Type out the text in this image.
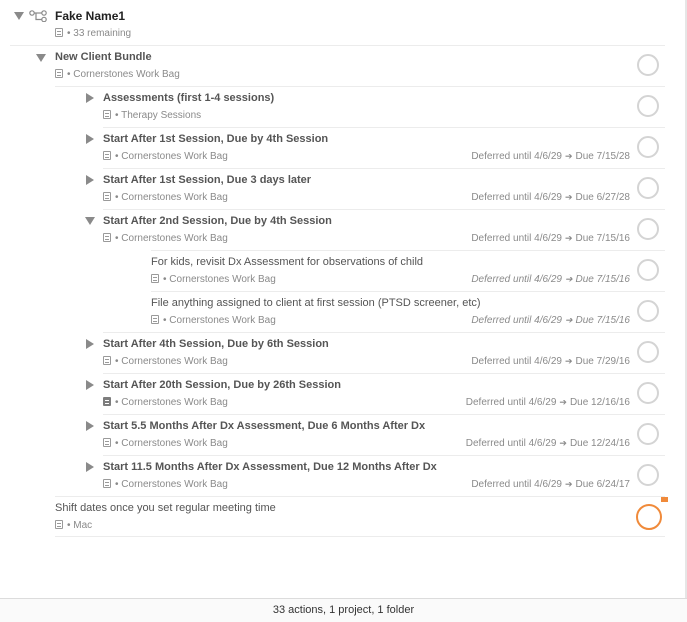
Fake Name1
• 33 remaining
New Client Bundle
• Cornerstones Work Bag
Assessments (first 1-4 sessions)
• Therapy Sessions
Start After 1st Session, Due by 4th Session
• Cornerstones Work Bag	Deferred until 4/6/29 ➔ Due 7/15/28
Start After 1st Session, Due 3 days later
• Cornerstones Work Bag	Deferred until 4/6/29 ➔ Due 6/27/28
Start After 2nd Session, Due by 4th Session
• Cornerstones Work Bag	Deferred until 4/6/29 ➔ Due 7/15/16
For kids, revisit Dx Assessment for observations of child
• Cornerstones Work Bag	Deferred until 4/6/29 ➔ Due 7/15/16
File anything assigned to client at first session (PTSD screener, etc)
• Cornerstones Work Bag	Deferred until 4/6/29 ➔ Due 7/15/16
Start After 4th Session, Due by 6th Session
• Cornerstones Work Bag	Deferred until 4/6/29 ➔ Due 7/29/16
Start After 20th Session, Due by 26th Session
• Cornerstones Work Bag	Deferred until 4/6/29 ➔ Due 12/16/16
Start 5.5 Months After Dx Assessment, Due 6 Months After Dx
• Cornerstones Work Bag	Deferred until 4/6/29 ➔ Due 12/24/16
Start 11.5 Months After Dx Assessment, Due 12 Months After Dx
• Cornerstones Work Bag	Deferred until 4/6/29 ➔ Due 6/24/17
Shift dates once you set regular meeting time
• Mac
33 actions, 1 project, 1 folder
